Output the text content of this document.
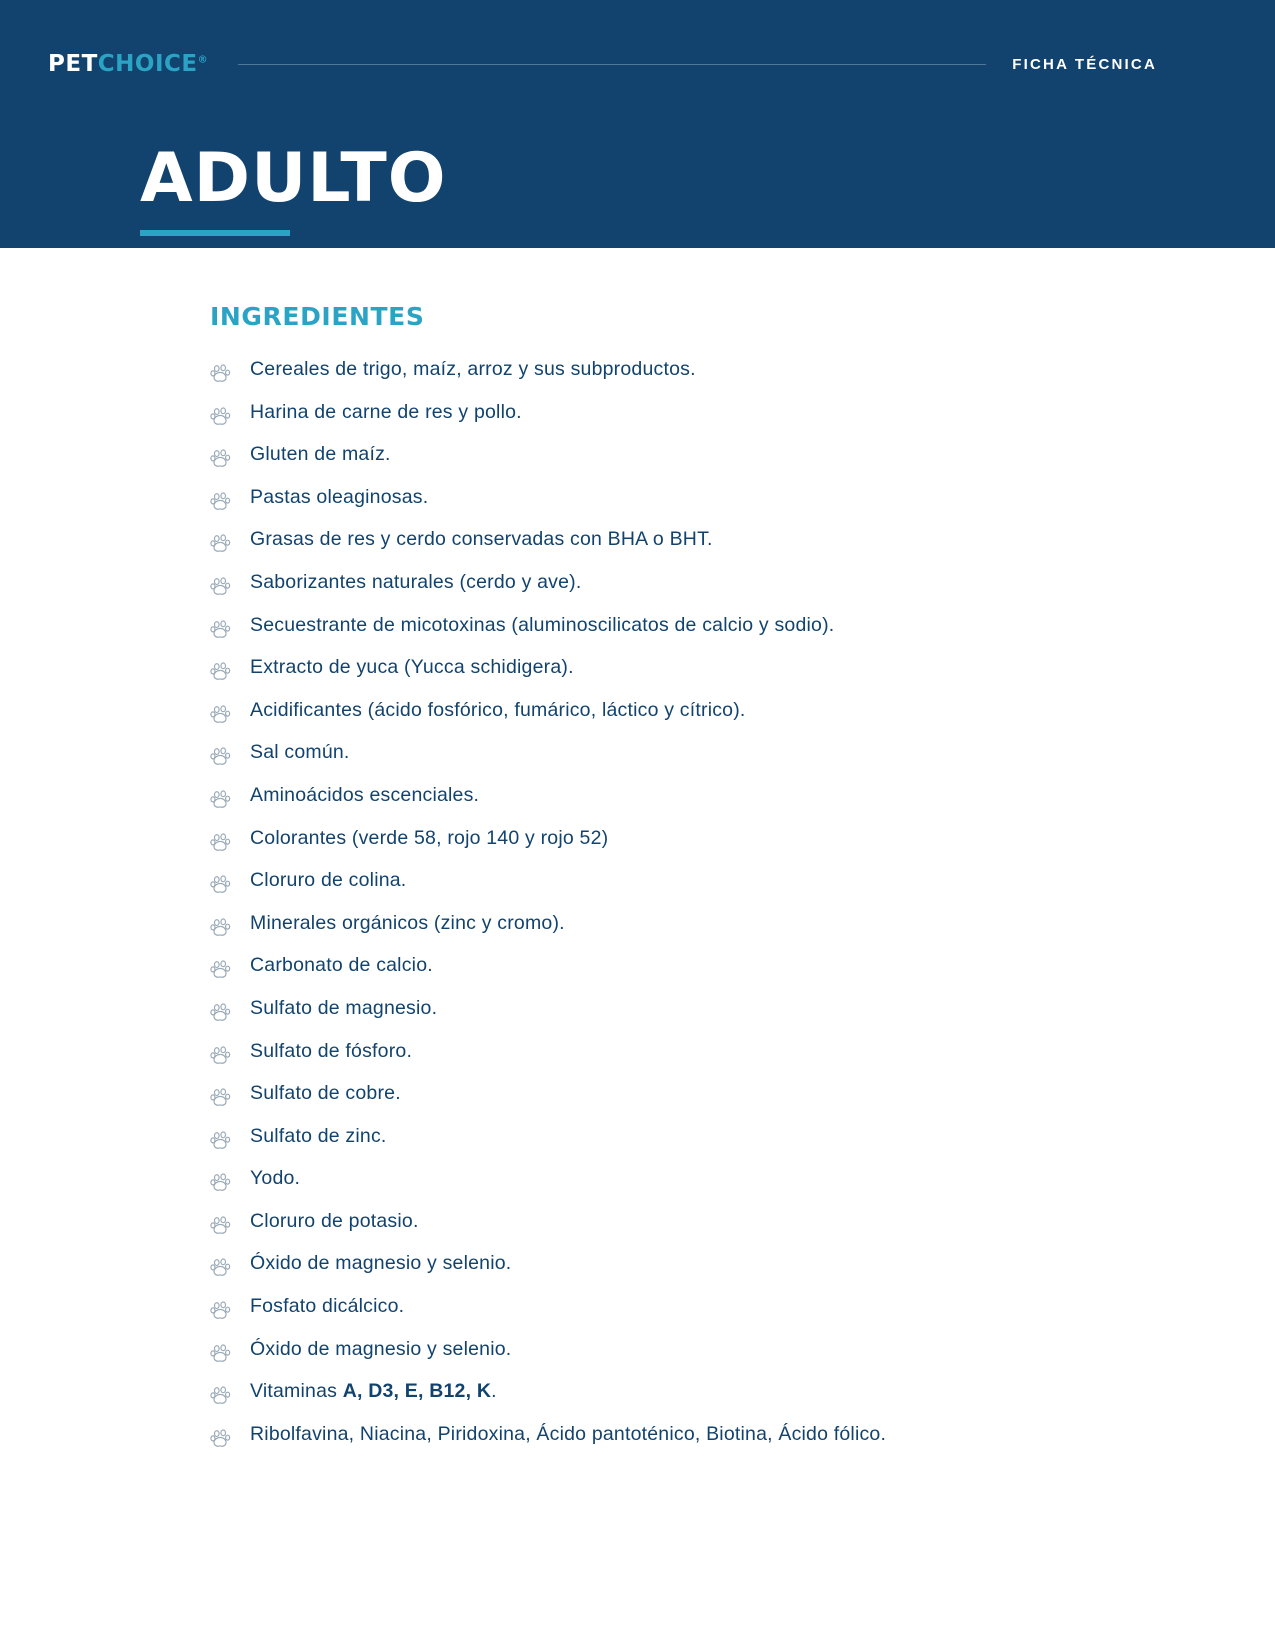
PETCHOICE®	FICHA TÉCNICA
ADULTO
INGREDIENTES
Cereales de trigo, maíz, arroz y sus subproductos.
Harina de carne de res y pollo.
Gluten de maíz.
Pastas oleaginosas.
Grasas de res y cerdo conservadas con BHA o BHT.
Saborizantes naturales (cerdo y ave).
Secuestrante de micotoxinas (aluminoscilicatos de calcio y sodio).
Extracto de yuca (Yucca schidigera).
Acidificantes (ácido fosfórico, fumárico, láctico y cítrico).
Sal común.
Aminoácidos escenciales.
Colorantes (verde 58, rojo 140 y rojo 52)
Cloruro de colina.
Minerales orgánicos (zinc y cromo).
Carbonato de calcio.
Sulfato de magnesio.
Sulfato de fósforo.
Sulfato de cobre.
Sulfato de zinc.
Yodo.
Cloruro de potasio.
Óxido de magnesio y selenio.
Fosfato dicálcico.
Óxido de magnesio y selenio.
Vitaminas A, D3, E, B12, K.
Ribolfavina, Niacina, Piridoxina, Ácido pantoténico, Biotina, Ácido fólico.
